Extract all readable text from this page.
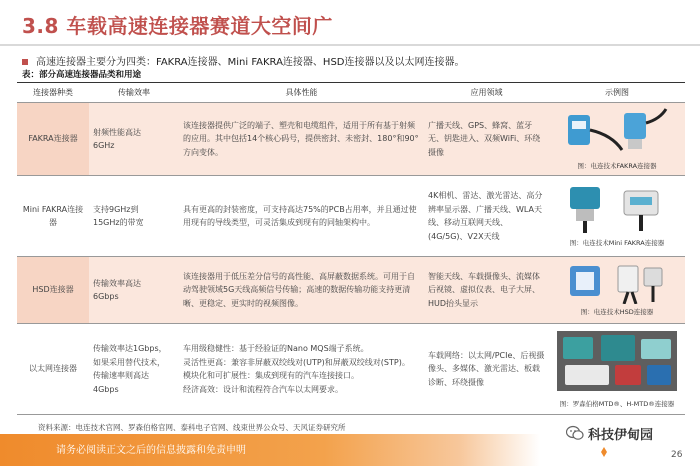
3.8 车载高速连接器赛道大空间广
高速连接器主要分为四类：FAKRA连接器、Mini FAKRA连接器、HSD连接器以及以太网连接器。
表：部分高速连接器品类和用途
连接器种类	传输效率	具体性能	应用领域	示例图
FAKRA连接器	射频性能高达
6GHz	该连接器提供广泛的端子、塑壳和电缆组件，适用于所有基于射频的应用。其中包括14个核心码号，提供密封、未密封、180°和90°方向变体。	广播天线、GPS、蜂窝、蓝牙无、钥匙进入、双频WiFi、环绕摄像	图：电连技术FAKRA连接器

Mini FAKRA连接器	支持9GHz到
15GHz的带宽	具有更高的封装密度，可支持高达75%的PCB占用率，并且通过使用现有的导线类型，可灵活集成到现有的同轴架构中。	4K相机、雷达、激光雷达、高分辨率显示器、广播天线、WLA天线、移动互联网天线、(4G/5G)、V2X天线	图：电连技术Mini FAKRA连接器

HSD连接器	传输效率高达
6Gbps	该连接器用于低压差分信号的高性能、高屏蔽数据系统。可用于自动驾驶领域5G天线高频信号传输；高速的数据传输功能支持更清晰、更稳定、更实时的视频图像。	智能天线、车载摄像头、流媒体后视镜、虚拟仪表、电子大屏、HUD抬头显示	图：电连技术HSD连接器

以太网连接器	传输效率达1Gbps，
如果采用替代技术，
传输速率则高达
4Gbps	车用级稳健性：基于经验证的Nano MQS端子系统。
灵活性更高：兼容非屏蔽双绞线对(UTP)和屏蔽双绞线对(STP)。
模块化和可扩展性：集成到现有的汽车连接接口。
经济高效：设计和流程符合汽车以太网要求。	车载网络：以太网/PCIe、后视摄像头、多媒体、激光雷达、板载诊断、环绕摄像	图：罗森伯格MTD®、H-MTD®连接器
资料来源：电连技术官网、罗森伯格官网、泰科电子官网、线束世界公众号、天风证券研究所
请务必阅读正文之后的信息披露和免责申明
科技伊甸园
天风证券	26
